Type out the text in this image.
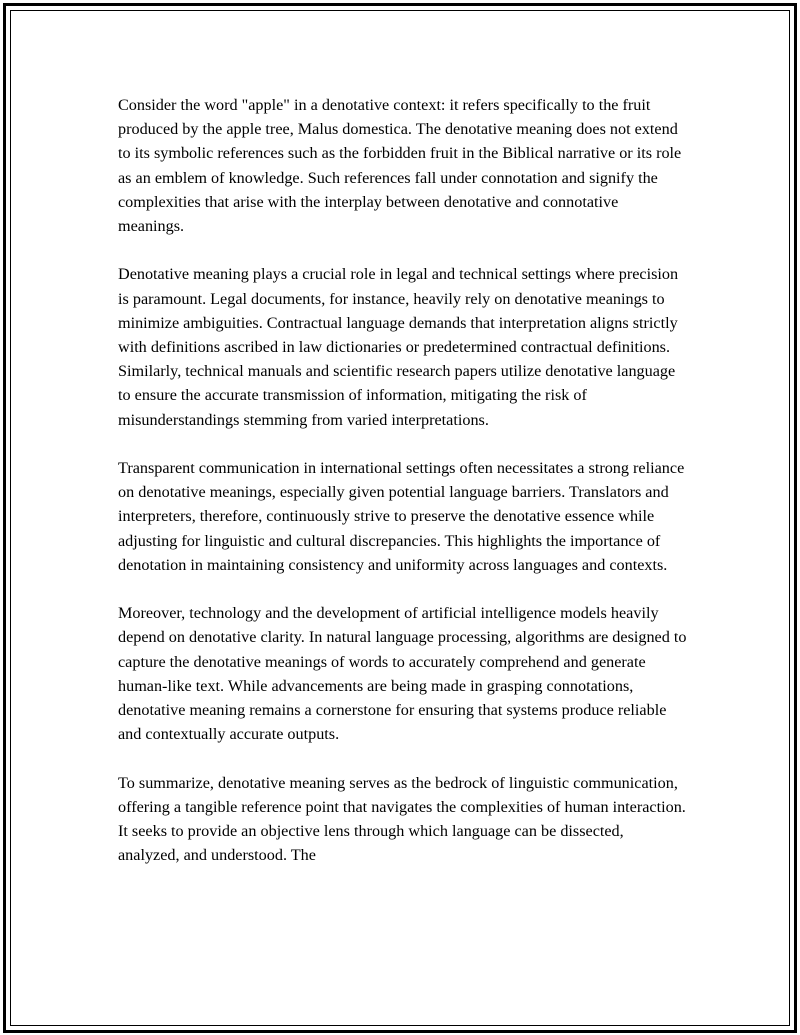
Consider the word "apple" in a denotative context: it refers specifically to the fruit produced by the apple tree, Malus domestica. The denotative meaning does not extend to its symbolic references such as the forbidden fruit in the Biblical narrative or its role as an emblem of knowledge. Such references fall under connotation and signify the complexities that arise with the interplay between denotative and connotative meanings.

Denotative meaning plays a crucial role in legal and technical settings where precision is paramount. Legal documents, for instance, heavily rely on denotative meanings to minimize ambiguities. Contractual language demands that interpretation aligns strictly with definitions ascribed in law dictionaries or predetermined contractual definitions. Similarly, technical manuals and scientific research papers utilize denotative language to ensure the accurate transmission of information, mitigating the risk of misunderstandings stemming from varied interpretations.

Transparent communication in international settings often necessitates a strong reliance on denotative meanings, especially given potential language barriers. Translators and interpreters, therefore, continuously strive to preserve the denotative essence while adjusting for linguistic and cultural discrepancies. This highlights the importance of denotation in maintaining consistency and uniformity across languages and contexts.

Moreover, technology and the development of artificial intelligence models heavily depend on denotative clarity. In natural language processing, algorithms are designed to capture the denotative meanings of words to accurately comprehend and generate human-like text. While advancements are being made in grasping connotations, denotative meaning remains a cornerstone for ensuring that systems produce reliable and contextually accurate outputs.

To summarize, denotative meaning serves as the bedrock of linguistic communication, offering a tangible reference point that navigates the complexities of human interaction. It seeks to provide an objective lens through which language can be dissected, analyzed, and understood. The
